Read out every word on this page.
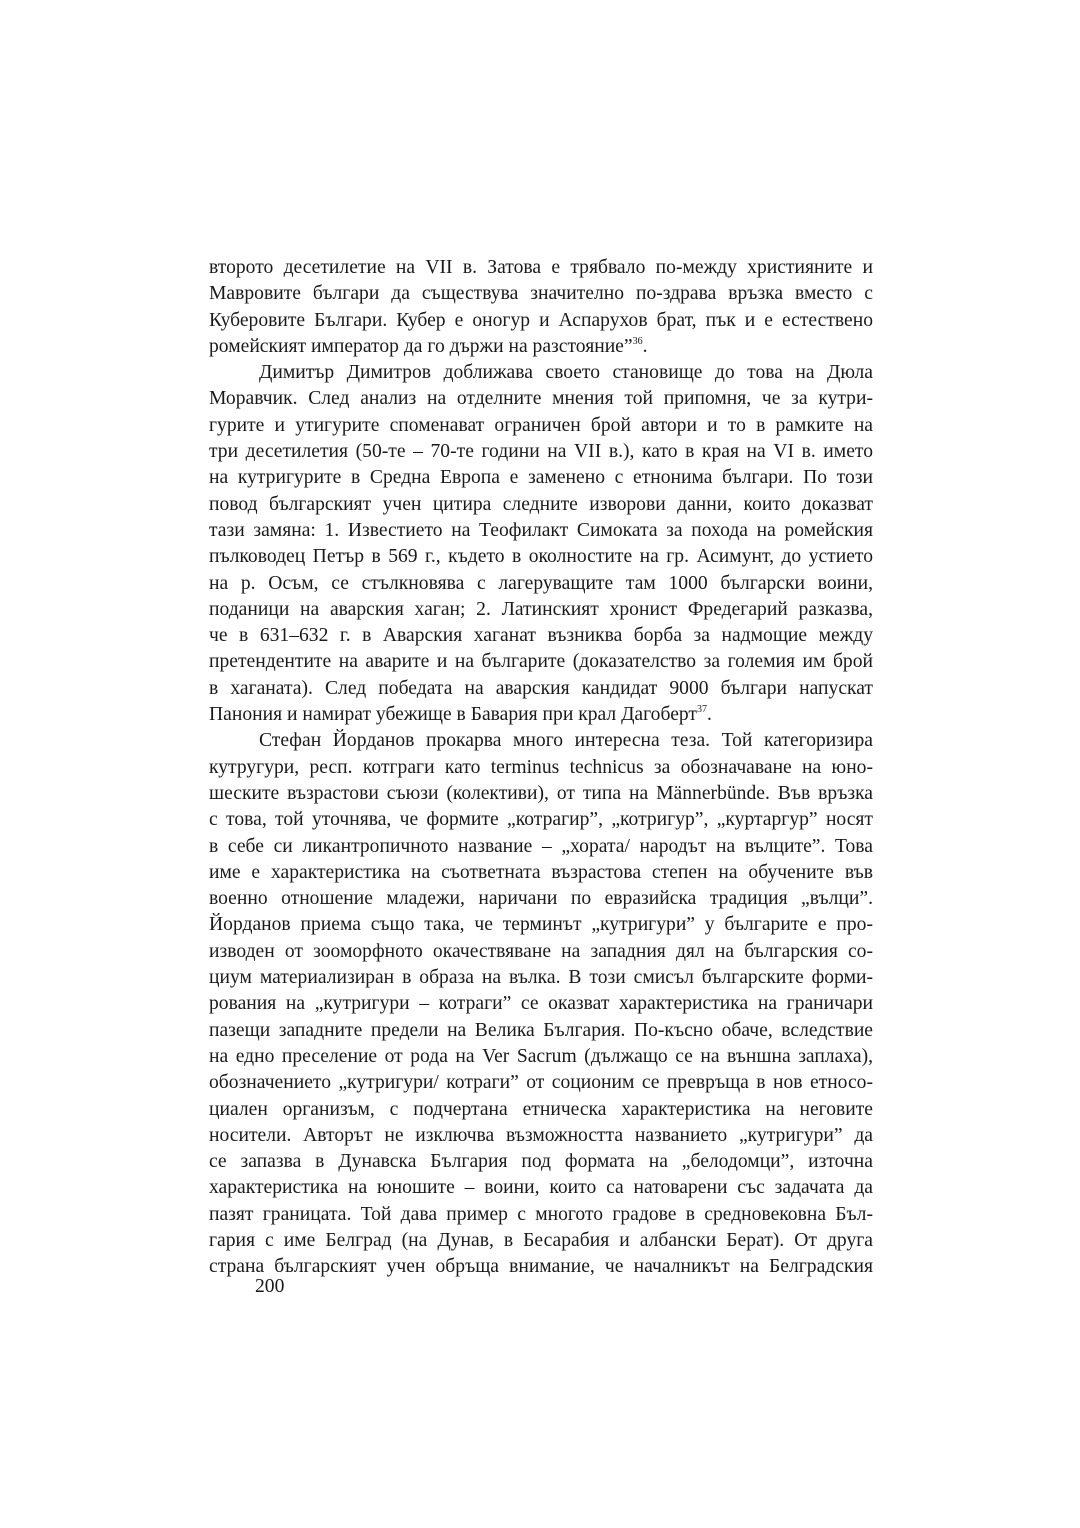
второто десетилетие на VII в. Затова е трябвало по-между християните и
Мавровите българи да съществува значително по-здрава връзка вместо с
Куберовите Българи. Кубер е оногур и Аспарухов брат, пък и е естествено
ромейският император да го държи на разстояние”$^{36}$.
Димитър Димитров доближава своето становище до това на Дюла
Моравчик. След анализ на отделните мнения той припомня, че за кутри-
гурите и утигурите споменават ограничен брой автори и то в рамките на
три десетилетия (50-те – 70-те години на VII в.), като в края на VI в. името
на кутригурите в Средна Европа е заменено с етнонима българи. По този
повод българският учен цитира следните изворови данни, които доказват
тази замяна: 1. Известието на Теофилакт Симоката за похода на ромейския
пълководец Петър в 569 г., където в околностите на гр. Асимунт, до устието
на р. Осъм, се стълкновява с лагеруващите там 1000 български воини,
поданици на аварския хаган; 2. Латинският хронист Фредегарий разказва,
че в 631–632 г. в Аварския хаганат възниква борба за надмощие между
претендентите на аварите и на българите (доказателство за големия им брой
в хаганата). След победата на аварския кандидат 9000 българи напускат
Панония и намират убежище в Бавария при крал Дагоберт$^{37}$.
Стефан Йорданов прокарва много интересна теза. Той категоризира
кутругури, респ. котграги като terminus technicus за обозначаване на юно-
шеските възрастови съюзи (колективи), от типа на Männerbünde. Във връзка
с това, той уточнява, че формите „котрагир”, „котригур”, „куртаргур” носят
в себе си ликантропичното название – „хората/ народът на вълците”. Това
име е характеристика на съответната възрастова степен на обучените във
военно отношение младежи, наричани по евразийска традиция „вълци”.
Йорданов приема също така, че терминът „кутригури” у българите е про-
изводен от зооморфното окачествяване на западния дял на българския со-
циум материализиран в образа на вълка. В този смисъл българските форми-
рования на „кутригури – котраги” се оказват характеристика на граничари
пазещи западните предели на Велика България. По-късно обаче, вследствие
на едно преселение от рода на Ver Sacrum (дължащо се на външна заплаха),
обозначението „кутригури/ котраги” от соционим се превръща в нов етносо-
циален организъм, с подчертана етническа характеристика на неговите
носители. Авторът не изключва възможността названието „кутригури” да
се запазва в Дунавска България под формата на „белодомци”, източна
характеристика на юношите – воини, които са натоварени със задачата да
пазят границата. Той дава пример с многото градове в средновековна Бъл-
гария с име Белград (на Дунав, в Бесарабия и албански Берат). От друга
страна българският учен обръща внимание, че началникът на Белградския
200
